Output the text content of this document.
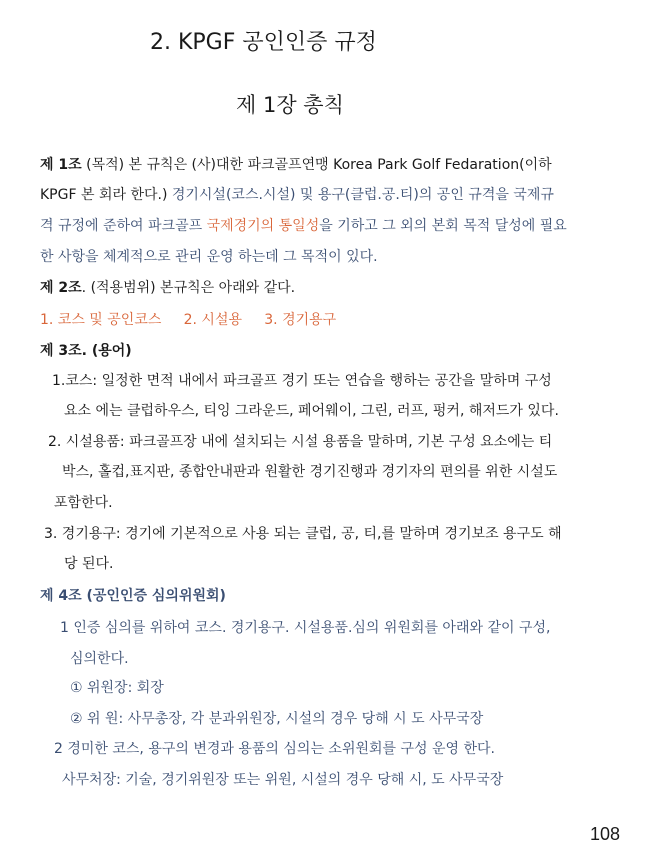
2. KPGF 공인인증 규정
제 1장 총칙
제 1조 (목적) 본 규칙은 (사)대한 파크골프연맹 Korea Park Golf Fedaration(이하
KPGF 본 회라 한다.) 경기시설(코스.시설) 및 용구(클럽.공.티)의 공인 규격을 국제규
격 규정에 준하여 파크골프 국제경기의 통일성을 기하고 그 외의 본회 목적 달성에 필요
한 사항을 체계적으로 관리 운영 하는데 그 목적이 있다.
제 2조. (적용범위) 본규칙은 아래와 같다.
1. 코스 및 공인코스     2. 시설용     3. 경기용구
제 3조. (용어)
1.코스: 일정한 면적 내에서 파크골프 경기 또는 연습을 행하는 공간을 말하며 구성
요소 에는 클럽하우스, 티잉 그라운드, 페어웨이, 그린, 러프, 펑커, 해저드가 있다.
2. 시설용품: 파크골프장 내에 설치되는 시설 용품을 말하며, 기본 구성 요소에는 티
박스, 홀컵,표지판, 종합안내판과 원활한 경기진행과 경기자의 편의를 위한 시설도
포함한다.
3. 경기용구: 경기에 기본적으로 사용 되는 클럽, 공, 티,를 말하며 경기보조 용구도 해
당 된다.
제 4조 (공인인증 심의위원회)
1 인증 심의를 위하여 코스. 경기용구. 시설용품.심의 위원회를 아래와 같이 구성,
심의한다.
① 위원장: 회장
② 위 원: 사무총장, 각 분과위원장, 시설의 경우 당해 시 도 사무국장
2 경미한 코스, 용구의 변경과 용품의 심의는 소위원회를 구성 운영 한다.
사무처장: 기술, 경기위원장 또는 위원, 시설의 경우 당해 시, 도 사무국장
108
